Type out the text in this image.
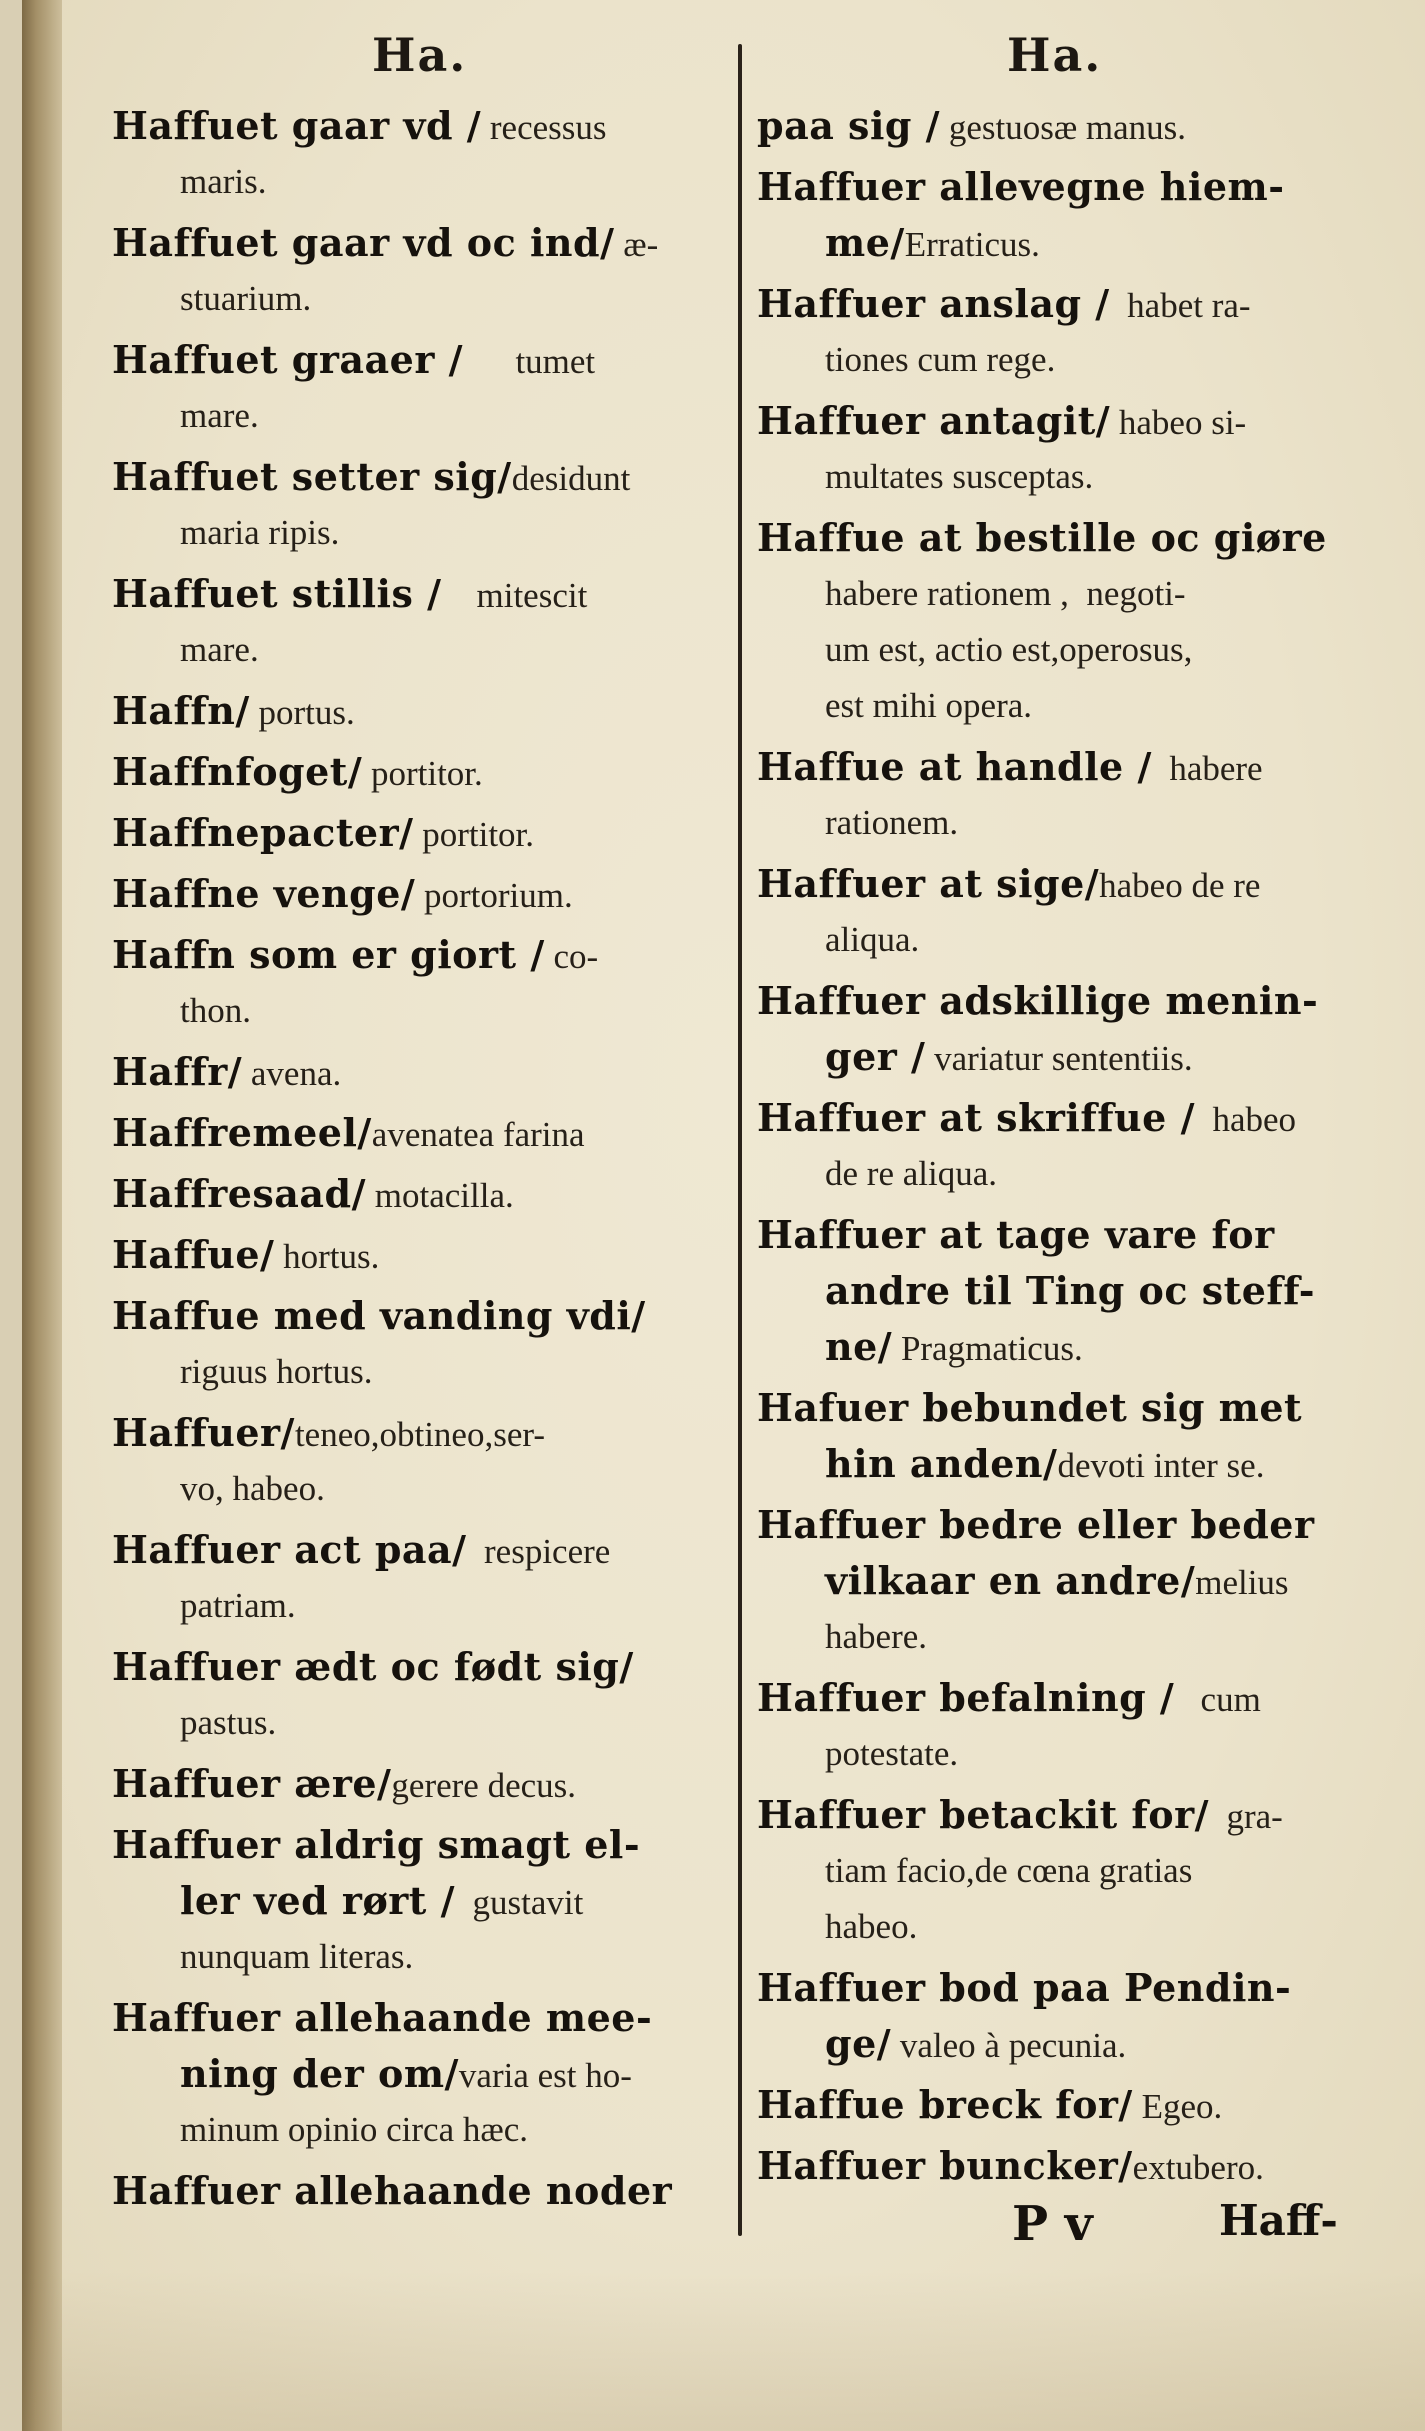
Ha.	Ha.
Haffuet gaar vd / recessus
maris.
Haffuet gaar vd oc ind/ æ-
stuarium.
Haffuet graaer /      tumet
mare.
Haffuet setter sig/desidunt
maria ripis.
Haffuet stillis /    mitescit
mare.
Haffn/ portus.
Haffnfoget/ portitor.
Haffnepacter/ portitor.
Haffne venge/ portorium.
Haffn som er giort / co-
thon.
Haffr/ avena.
Haffremeel/avenatea farina
Haffresaad/ motacilla.
Haffue/ hortus.
Haffue med vanding vdi/
riguus hortus.
Haffuer/teneo,obtineo,ser-
vo, habeo.
Haffuer act paa/  respicere
patriam.
Haffuer ædt oc født sig/
pastus.
Haffuer ære/gerere decus.
Haffuer aldrig smagt el-
ler ved rørt /  gustavit
nunquam literas.
Haffuer allehaande mee-
ning der om/varia est ho-
minum opinio circa hæc.
Haffuer allehaande noder
paa sig / gestuosæ manus.
Haffuer allevegne hiem-
me/Erraticus.
Haffuer anslag /  habet ra-
tiones cum rege.
Haffuer antagit/ habeo si-
multates susceptas.
Haffue at bestille oc giøre
habere rationem ,  negoti-
um est, actio est,operosus,
est mihi opera.
Haffue at handle /  habere
rationem.
Haffuer at sige/habeo de re
aliqua.
Haffuer adskillige menin-
ger / variatur sententiis.
Haffuer at skriffue /  habeo
de re aliqua.
Haffuer at tage vare for
andre til Ting oc steff-
ne/ Pragmaticus.
Hafuer bebundet sig met
hin anden/devoti inter se.
Haffuer bedre eller beder
vilkaar en andre/melius
habere.
Haffuer befalning /   cum
potestate.
Haffuer betackit for/  gra-
tiam facio,de cœna gratias
habeo.
Haffuer bod paa Pendin-
ge/ valeo à pecunia.
Haffue breck for/ Egeo.
Haffuer buncker/extubero.
P v	Haff-
